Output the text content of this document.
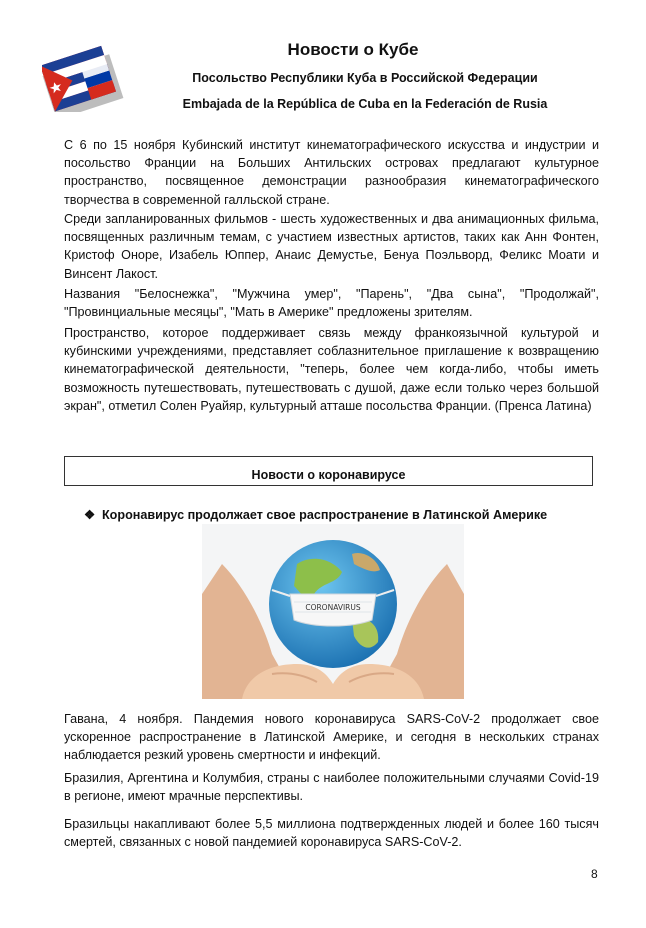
Новости о Кубе
Посольство Республики Куба в Российской Федерации
Embajada de la República de Cuba en la Federación de Rusia

С 6 по 15 ноября Кубинский институт кинематографического искусства и индустрии и посольство Франции на Больших Антильских островах предлагают культурное пространство, посвященное демонстрации разнообразия кинематографического творчества в современной галльской стране.

Среди запланированных фильмов - шесть художественных и два анимационных фильма, посвященных различным темам, с участием известных артистов, таких как Анн Фонтен, Кристоф Оноре, Изабель Юппер, Анаис Демустье, Бенуа Поэльворд, Феликс Моати и Винсент Лакост.

Названия "Белоснежка", "Мужчина умер", "Парень", "Два сына", "Продолжай", "Провинциальные месяцы", "Мать в Америке" предложены зрителям.

Пространство, которое поддерживает связь между франкоязычной культурой и кубинскими учреждениями, представляет соблазнительное приглашение к возвращению кинематографической деятельности, "теперь, более чем когда-либо, чтобы иметь возможность путешествовать, путешествовать с душой, даже если только через большой экран", отметил Солен Руайяр, культурный атташе посольства Франции. (Пренса Латина)

Новости о коронавирусе
❖ Коронавирус продолжает свое распространение в Латинской Америке
CORONAVIRUS

Гавана, 4 ноября. Пандемия нового коронавируса SARS-CoV-2 продолжает свое ускоренное распространение в Латинской Америке, и сегодня в нескольких странах наблюдается резкий уровень смертности и инфекций.

Бразилия, Аргентина и Колумбия, страны с наиболее положительными случаями Covid-19 в регионе, имеют мрачные перспективы.

Бразильцы накапливают более 5,5 миллиона подтвержденных людей и более 160 тысяч смертей, связанных с новой пандемией коронавируса SARS-CoV-2.

8
